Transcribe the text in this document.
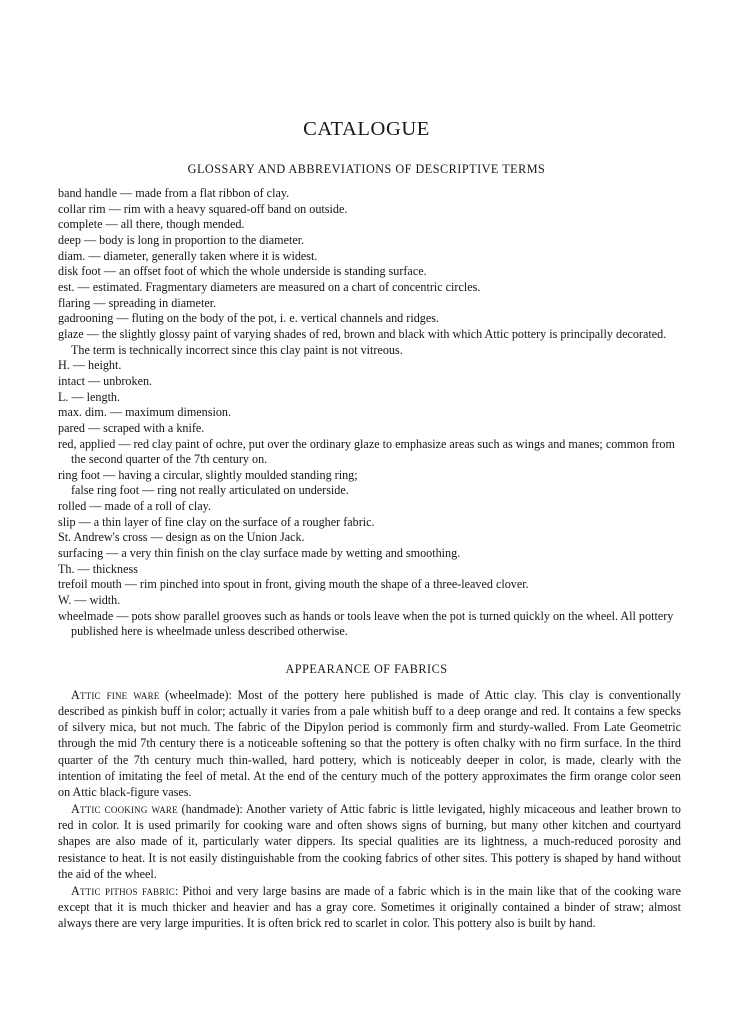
CATALOGUE
GLOSSARY AND ABBREVIATIONS OF DESCRIPTIVE TERMS

band handle — made from a flat ribbon of clay.

collar rim — rim with a heavy squared-off band on outside.

complete — all there, though mended.

deep — body is long in proportion to the diameter.

diam. — diameter, generally taken where it is widest.

disk foot — an offset foot of which the whole underside is standing surface.

est. — estimated. Fragmentary diameters are measured on a chart of concentric circles.

flaring — spreading in diameter.

gadrooning — fluting on the body of the pot, i. e. vertical channels and ridges.

glaze — the slightly glossy paint of varying shades of red, brown and black with which Attic pottery is principally decorated. The term is technically incorrect since this clay paint is not vitreous.

H. — height.

intact — unbroken.

L. — length.

max. dim. — maximum dimension.

pared — scraped with a knife.

red, applied — red clay paint of ochre, put over the ordinary glaze to emphasize areas such as wings and manes; common from the second quarter of the 7th century on.

ring foot — having a circular, slightly moulded standing ring;

false ring foot — ring not really articulated on underside.

rolled — made of a roll of clay.

slip — a thin layer of fine clay on the surface of a rougher fabric.

St. Andrew's cross — design as on the Union Jack.

surfacing — a very thin finish on the clay surface made by wetting and smoothing.

Th. — thickness

trefoil mouth — rim pinched into spout in front, giving mouth the shape of a three-leaved clover.

W. — width.

wheelmade — pots show parallel grooves such as hands or tools leave when the pot is turned quickly on the wheel. All pottery published here is wheelmade unless described otherwise.

APPEARANCE OF FABRICS

Attic fine ware (wheelmade): Most of the pottery here published is made of Attic clay. This clay is conventionally described as pinkish buff in color; actually it varies from a pale whitish buff to a deep orange and red. It contains a few specks of silvery mica, but not much. The fabric of the Dipylon period is commonly firm and sturdy-walled. From Late Geometric through the mid 7th century there is a noticeable softening so that the pottery is often chalky with no firm surface. In the third quarter of the 7th century much thin-walled, hard pottery, which is noticeably deeper in color, is made, clearly with the intention of imitating the feel of metal. At the end of the century much of the pottery approximates the firm orange color seen on Attic black-figure vases.

Attic cooking ware (handmade): Another variety of Attic fabric is little levigated, highly micaceous and leather brown to red in color. It is used primarily for cooking ware and often shows signs of burning, but many other kitchen and courtyard shapes are also made of it, particularly water dippers. Its special qualities are its lightness, a much-reduced porosity and resistance to heat. It is not easily distinguishable from the cooking fabrics of other sites. This pottery is shaped by hand without the aid of the wheel.

Attic pithos fabric: Pithoi and very large basins are made of a fabric which is in the main like that of the cooking ware except that it is much thicker and heavier and has a gray core. Sometimes it originally contained a binder of straw; almost always there are very large impurities. It is often brick red to scarlet in color. This pottery also is built by hand.
